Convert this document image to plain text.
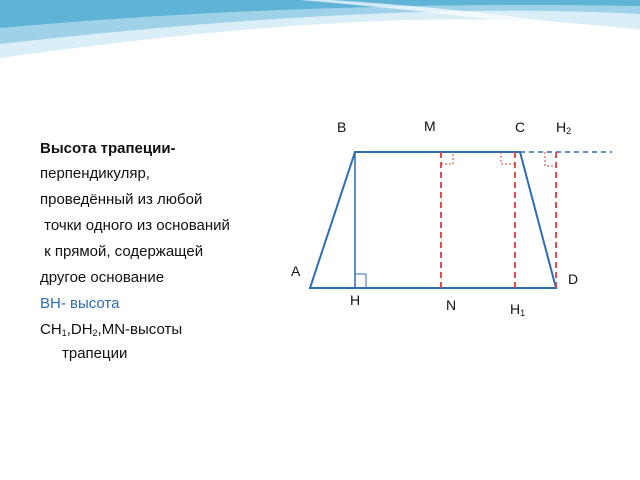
Высота трапеции-
перпендикуляр,
проведённый из любой
точки одного из оснований
к прямой, содержащей
другое основание
BH- высота
CH1,DH2,MN-высоты
трапеции
B	M	C H2
A	D
H	N	H1
